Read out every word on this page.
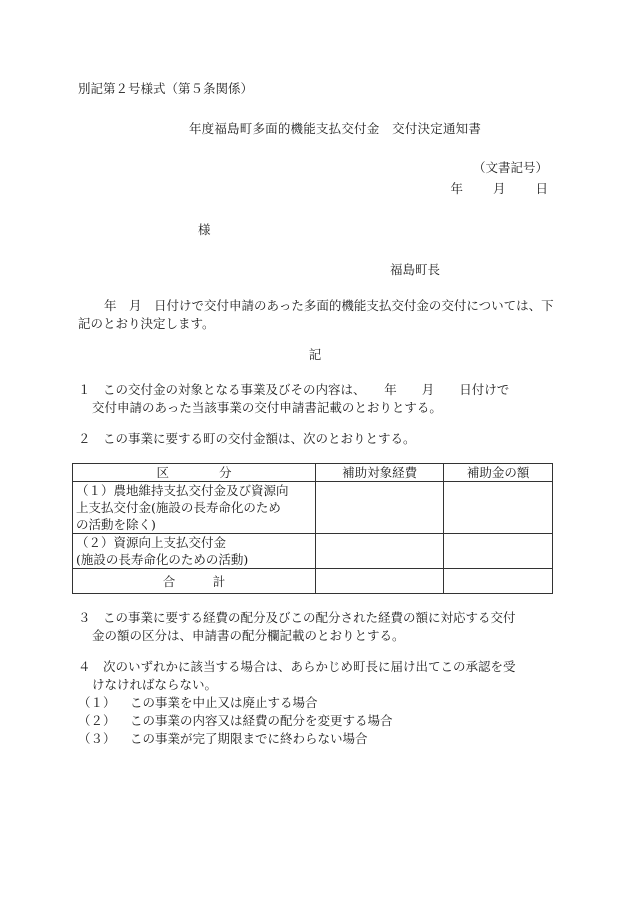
別記第２号様式（第５条関係）
年度福島町多面的機能支払交付金　交付決定通知書
（文書記号）
年 月 日
様
福島町長
年　月　日付けで交付申請のあった多面的機能支払交付金の交付については、下記のとおり決定します。
記
１　この交付金の対象となる事業及びその内容は、　　年　　月　　日付けで
交付申請のあった当該事業の交付申請書記載のとおりとする。
２　この事業に要する町の交付金額は、次のとおりとする。
区　　　　分	補助対象経費	補助金の額

（１）農地維持支払交付金及び資源向
上支払交付金(施設の長寿命化のため
の活動を除く)		

（２）資源向上支払交付金
(施設の長寿命化のための活動)		

合　　　計		
３　この事業に要する経費の配分及びこの配分された経費の額に対応する交付
金の額の区分は、申請書の配分欄記載のとおりとする。
４　次のいずれかに該当する場合は、あらかじめ町長に届け出てこの承認を受
けなければならない。
（１） この事業を中止又は廃止する場合
（２） この事業の内容又は経費の配分を変更する場合
（３） この事業が完了期限までに終わらない場合
